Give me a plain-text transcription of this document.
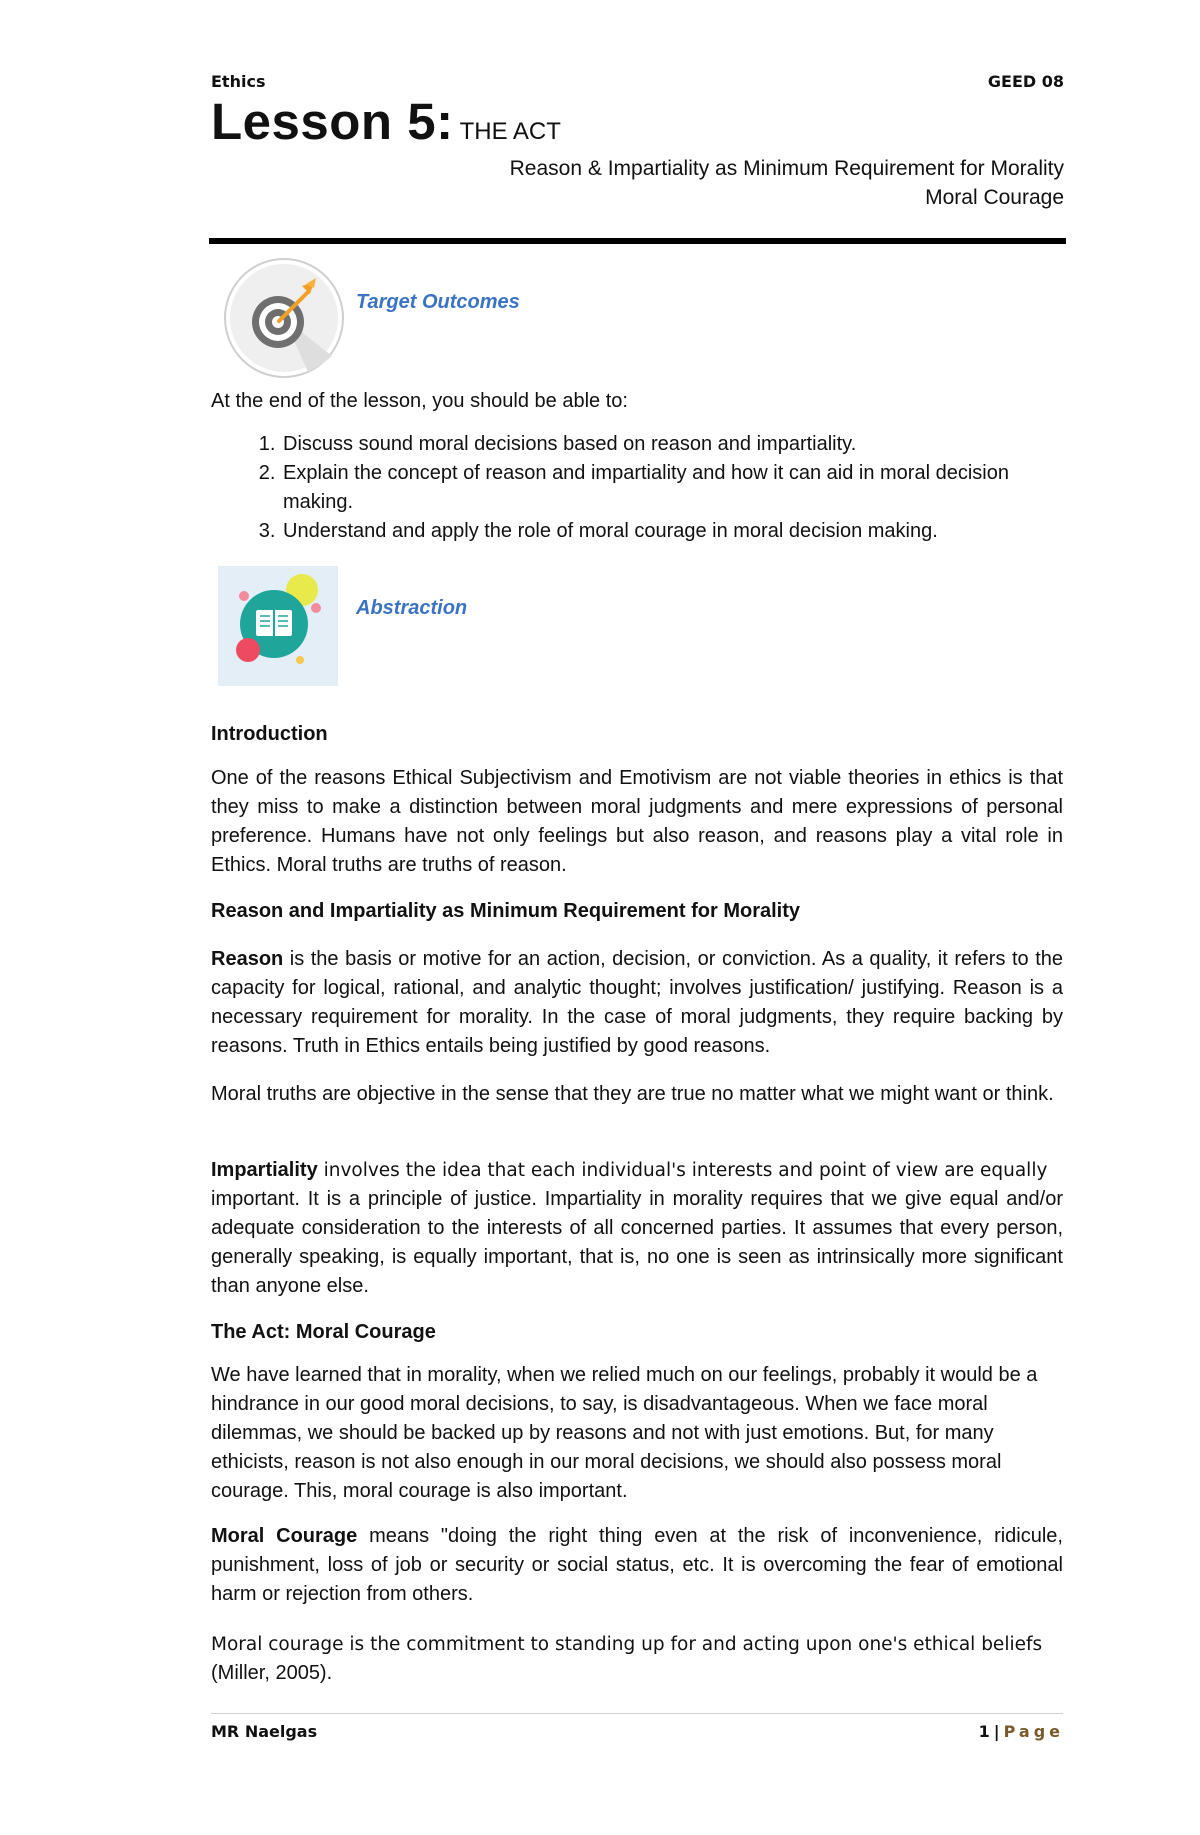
Ethics	GEED 08
Lesson 5: THE ACT
Reason & Impartiality as Minimum Requirement for Morality
Moral Courage
Target Outcomes
At the end of the lesson, you should be able to:
1. Discuss sound moral decisions based on reason and impartiality.
2. Explain the concept of reason and impartiality and how it can aid in moral decision making.
3. Understand and apply the role of moral courage in moral decision making.
Abstraction
Introduction
One of the reasons Ethical Subjectivism and Emotivism are not viable theories in ethics is that they miss to make a distinction between moral judgments and mere expressions of personal preference. Humans have not only feelings but also reason, and reasons play a vital role in Ethics. Moral truths are truths of reason.
Reason and Impartiality as Minimum Requirement for Morality
Reason is the basis or motive for an action, decision, or conviction. As a quality, it refers to the capacity for logical, rational, and analytic thought; involves justification/ justifying. Reason is a necessary requirement for morality. In the case of moral judgments, they require backing by reasons. Truth in Ethics entails being justified by good reasons.
Moral truths are objective in the sense that they are true no matter what we might want or think.
Impartiality involves the idea that each individual's interests and point of view are equally
important. It is a principle of justice. Impartiality in morality requires that we give equal and/or adequate consideration to the interests of all concerned parties. It assumes that every person, generally speaking, is equally important, that is, no one is seen as intrinsically more significant than anyone else.
The Act: Moral Courage
We have learned that in morality, when we relied much on our feelings, probably it would be a hindrance in our good moral decisions, to say, is disadvantageous. When we face moral dilemmas, we should be backed up by reasons and not with just emotions. But, for many ethicists, reason is not also enough in our moral decisions, we should also possess moral courage. This, moral courage is also important.
Moral Courage means "doing the right thing even at the risk of inconvenience, ridicule, punishment, loss of job or security or social status, etc. It is overcoming the fear of emotional harm or rejection from others.
Moral courage is the commitment to standing up for and acting upon one's ethical beliefs
(Miller, 2005).
MR Naelgas	1 | Page
